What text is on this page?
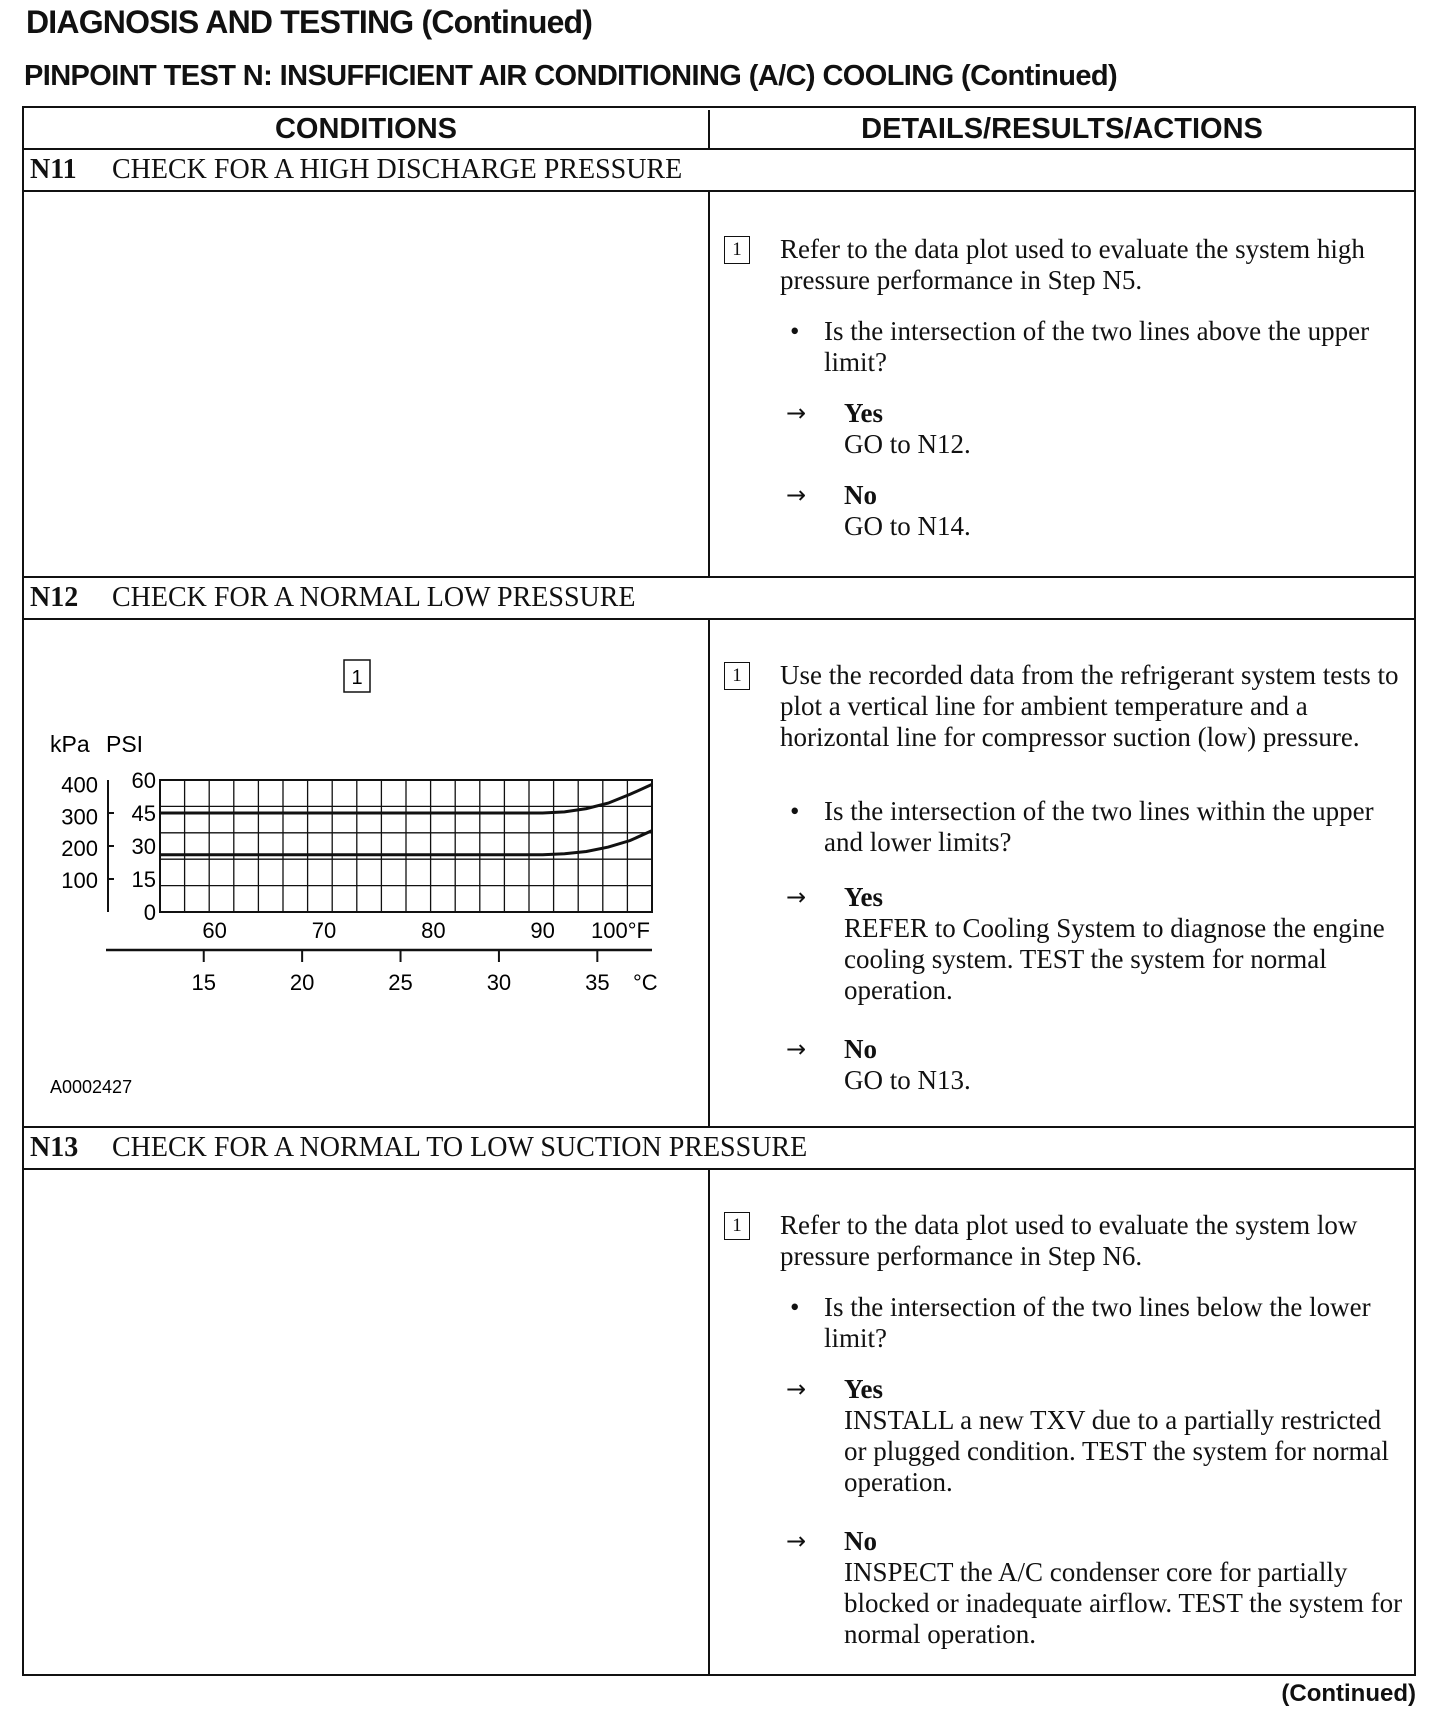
DIAGNOSIS AND TESTING (Continued)
PINPOINT TEST N: INSUFFICIENT AIR CONDITIONING (A/C) COOLING (Continued)
CONDITIONS	DETAILS/RESULTS/ACTIONS
N11 CHECK FOR A HIGH DISCHARGE PRESSURE
1	Refer to the data plot used to evaluate the system high pressure performance in Step N5.
• Is the intersection of the two lines above the upper limit?
→ Yes
GO to N12.
→ No
GO to N14.
N12 CHECK FOR A NORMAL LOW PRESSURE
1
kPa PSI
400
300
200
100
60
45
30
15
0
60	70	80	90 100°F
15	20	25	30	35 °C
A0002427
1	Use the recorded data from the refrigerant system tests to plot a vertical line for ambient temperature and a horizontal line for compressor suction (low) pressure.
• Is the intersection of the two lines within the upper and lower limits?
→ Yes
REFER to Cooling System to diagnose the engine cooling system. TEST the system for normal operation.
→ No
GO to N13.
N13 CHECK FOR A NORMAL TO LOW SUCTION PRESSURE
1	Refer to the data plot used to evaluate the system low pressure performance in Step N6.
• Is the intersection of the two lines below the lower limit?
→ Yes
INSTALL a new TXV due to a partially restricted or plugged condition. TEST the system for normal operation.
→ No
INSPECT the A/C condenser core for partially blocked or inadequate airflow. TEST the system for normal operation.
(Continued)
